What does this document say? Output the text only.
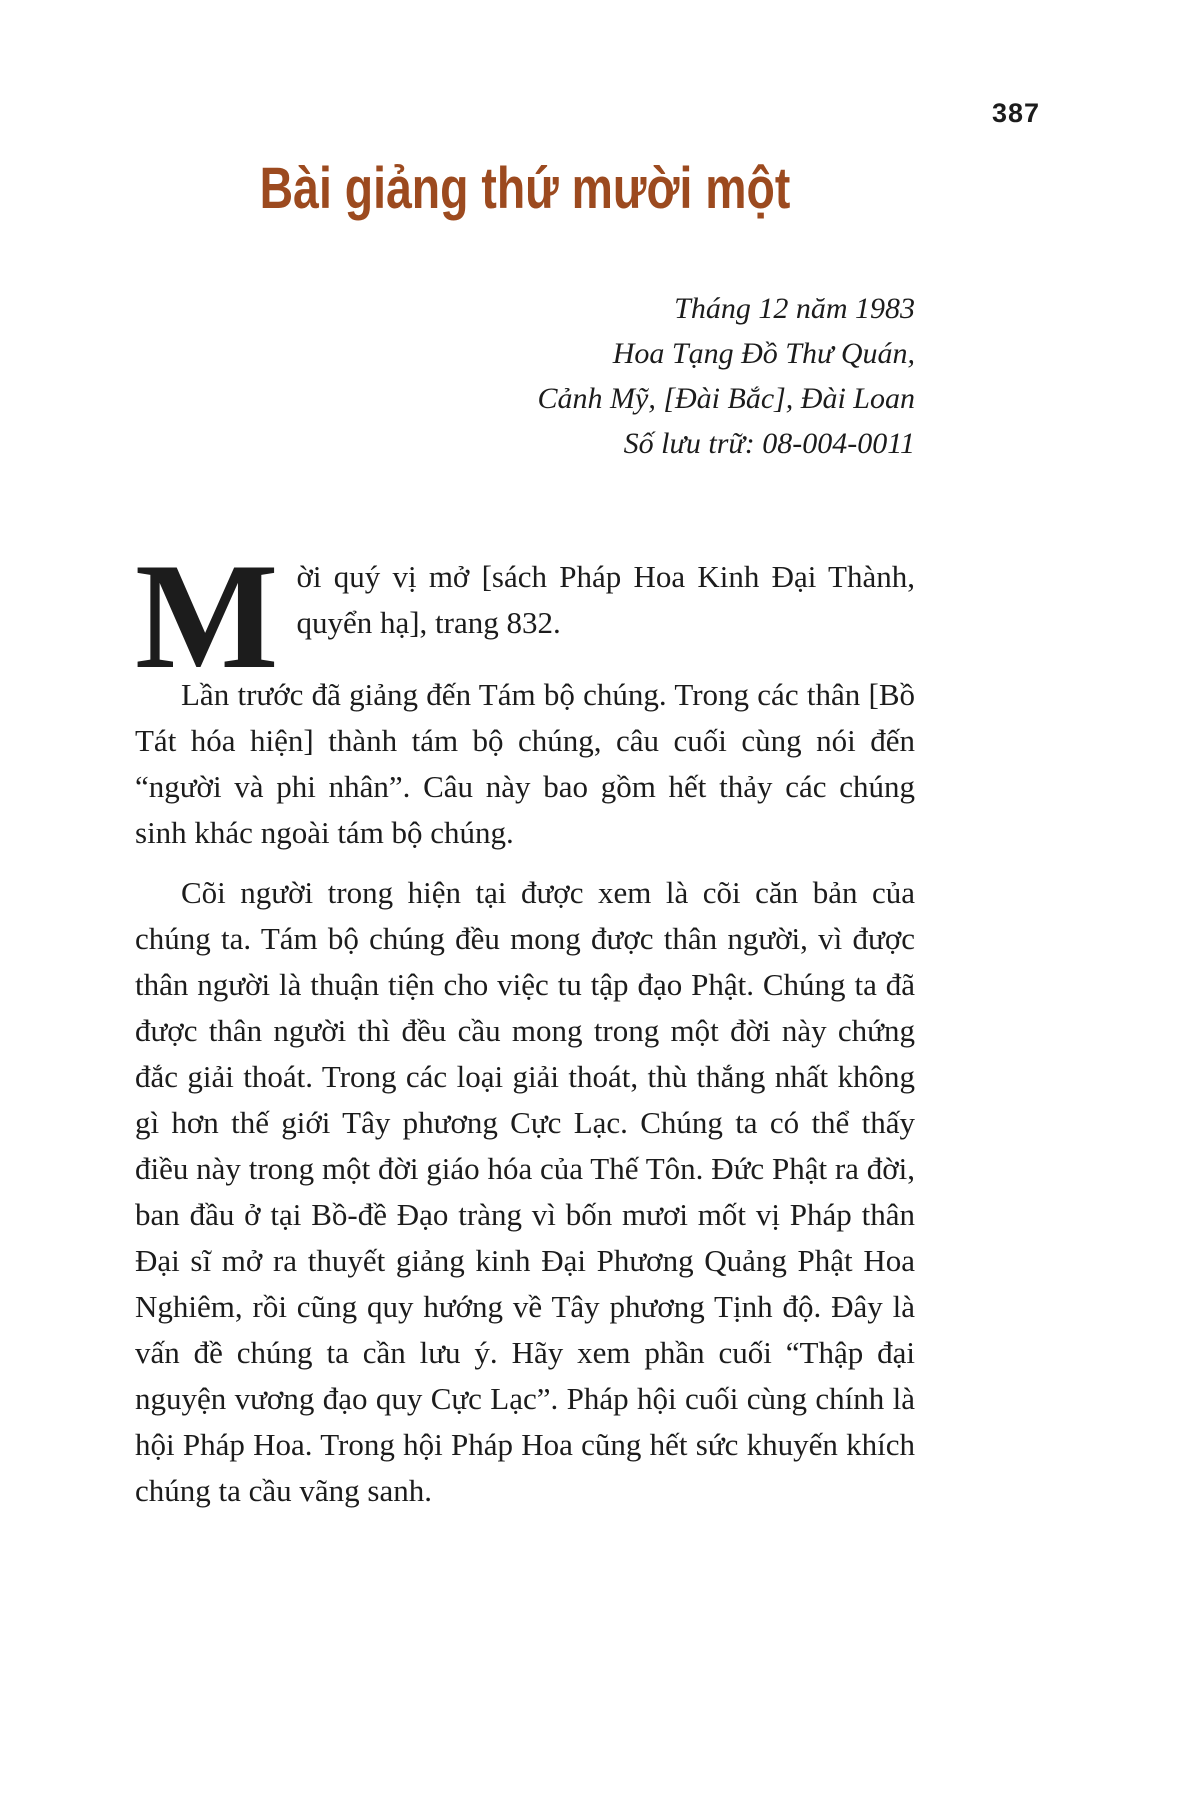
387
Bài giảng thứ mười một
Tháng 12 năm 1983
Hoa Tạng Đồ Thư Quán,
Cảnh Mỹ, [Đài Bắc], Đài Loan
Số lưu trữ: 08-004-0011

Mời quý vị mở [sách Pháp Hoa Kinh Đại Thành, quyển hạ], trang 832.

Lần trước đã giảng đến Tám bộ chúng. Trong các thân [Bồ Tát hóa hiện] thành tám bộ chúng, câu cuối cùng nói đến “người và phi nhân”. Câu này bao gồm hết thảy các chúng sinh khác ngoài tám bộ chúng.

Cõi người trong hiện tại được xem là cõi căn bản của chúng ta. Tám bộ chúng đều mong được thân người, vì được thân người là thuận tiện cho việc tu tập đạo Phật. Chúng ta đã được thân người thì đều cầu mong trong một đời này chứng đắc giải thoát. Trong các loại giải thoát, thù thắng nhất không gì hơn thế giới Tây phương Cực Lạc. Chúng ta có thể thấy điều này trong một đời giáo hóa của Thế Tôn. Đức Phật ra đời, ban đầu ở tại Bồ-đề Đạo tràng vì bốn mươi mốt vị Pháp thân Đại sĩ mở ra thuyết giảng kinh Đại Phương Quảng Phật Hoa Nghiêm, rồi cũng quy hướng về Tây phương Tịnh độ. Đây là vấn đề chúng ta cần lưu ý. Hãy xem phần cuối “Thập đại nguyện vương đạo quy Cực Lạc”. Pháp hội cuối cùng chính là hội Pháp Hoa. Trong hội Pháp Hoa cũng hết sức khuyến khích chúng ta cầu vãng sanh.
